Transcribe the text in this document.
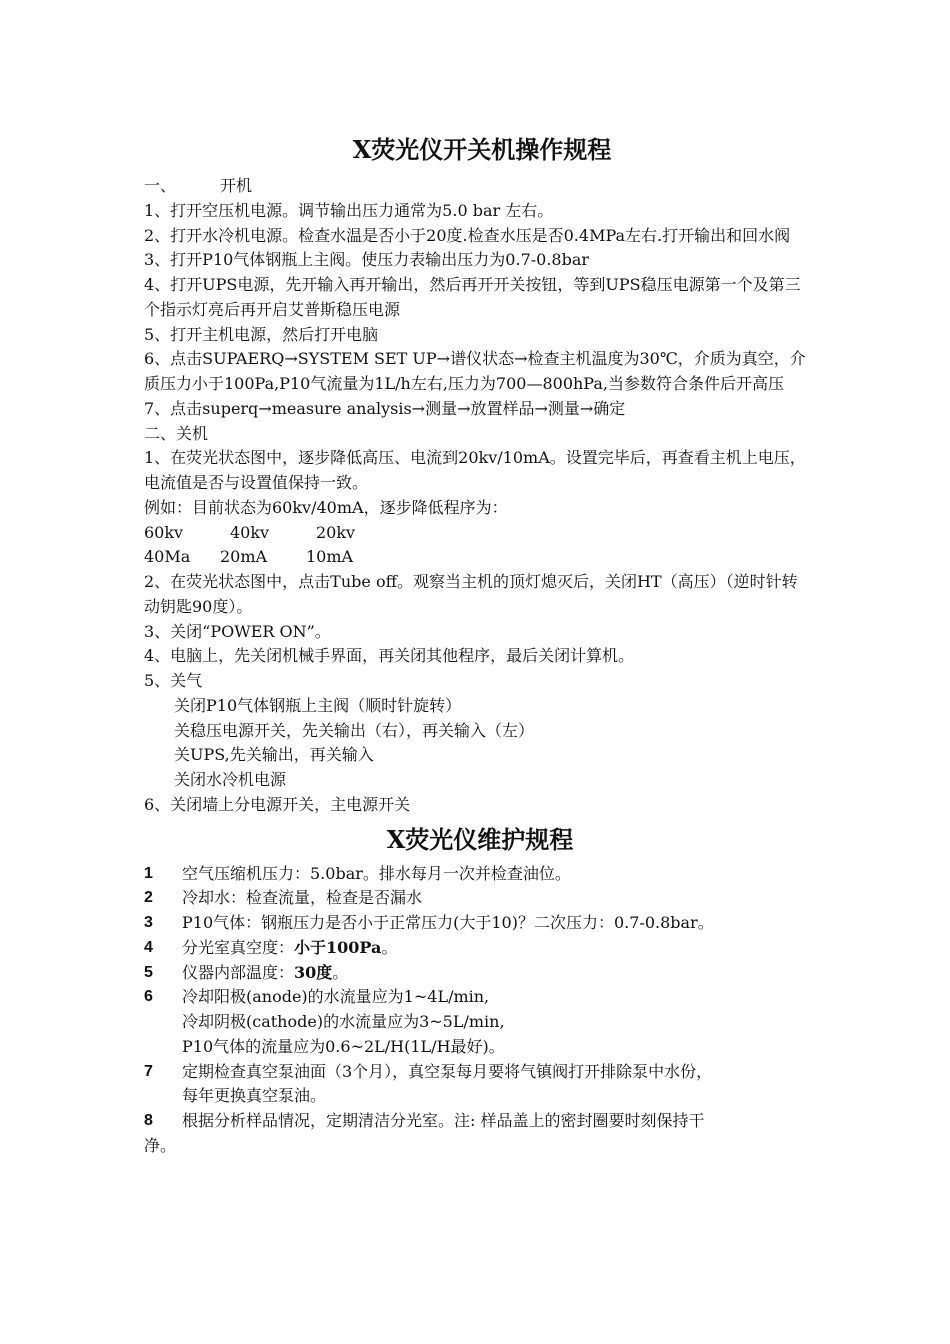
X荧光仪开关机操作规程

一、	开机

1、打开空压机电源。调节输出压力通常为5.0 bar 左右。

2、打开水冷机电源。检查水温是否小于20度.检查水压是否0.4MPa左右.打开输出和回水阀

3、打开P10气体钢瓶上主阀。使压力表输出压力为0.7-0.8bar

4、打开UPS电源，先开输入再开输出，然后再开开关按钮，等到UPS稳压电源第一个及第三个指示灯亮后再开启艾普斯稳压电源

5、打开主机电源，然后打开电脑

6、点击SUPAERQ→SYSTEM SET UP→谱仪状态→检查主机温度为30℃，介质为真空，介质压力小于100Pa,P10气流量为1L/h左右,压力为700—800hPa,当参数符合条件后开高压

7、点击superq→measure analysis→测量→放置样品→测量→确定

二、关机

1、在荧光状态图中，逐步降低高压、电流到20kv/10mA。设置完毕后，再查看主机上电压，电流值是否与设置值保持一致。

例如：目前状态为60kv/40mA，逐步降低程序为：

60kv	40kv	20kv

40Ma 20mA 10mA

2、在荧光状态图中，点击Tube off。观察当主机的顶灯熄灭后，关闭HT（高压）（逆时针转动钥匙90度）。

3、关闭“POWER ON”。

4、电脑上，先关闭机械手界面，再关闭其他程序，最后关闭计算机。

5、关气

关闭P10气体钢瓶上主阀（顺时针旋转）

关稳压电源开关，先关输出（右），再关输入（左）

关UPS,先关输出，再关输入

关闭水冷机电源

6、关闭墙上分电源开关，主电源开关

X荧光仪维护规程
1	空气压缩机压力：5.0bar。排水每月一次并检查油位。
2	冷却水：检查流量，检查是否漏水
3	P10气体：钢瓶压力是否小于正常压力(大于10)？二次压力：0.7-0.8bar。
4	分光室真空度：小于100Pa。
5	仪器内部温度：30度。
6	冷却阳极(anode)的水流量应为1~4L/min,
冷却阴极(cathode)的水流量应为3~5L/min,
P10气体的流量应为0.6~2L/H(1L/H最好)。
7	定期检查真空泵油面（3个月），真空泵每月要将气镇阀打开排除泵中水份，
每年更换真空泵油。
8	根据分析样品情况，定期清洁分光室。注: 样品盖上的密封圈要时刻保持干

净。
